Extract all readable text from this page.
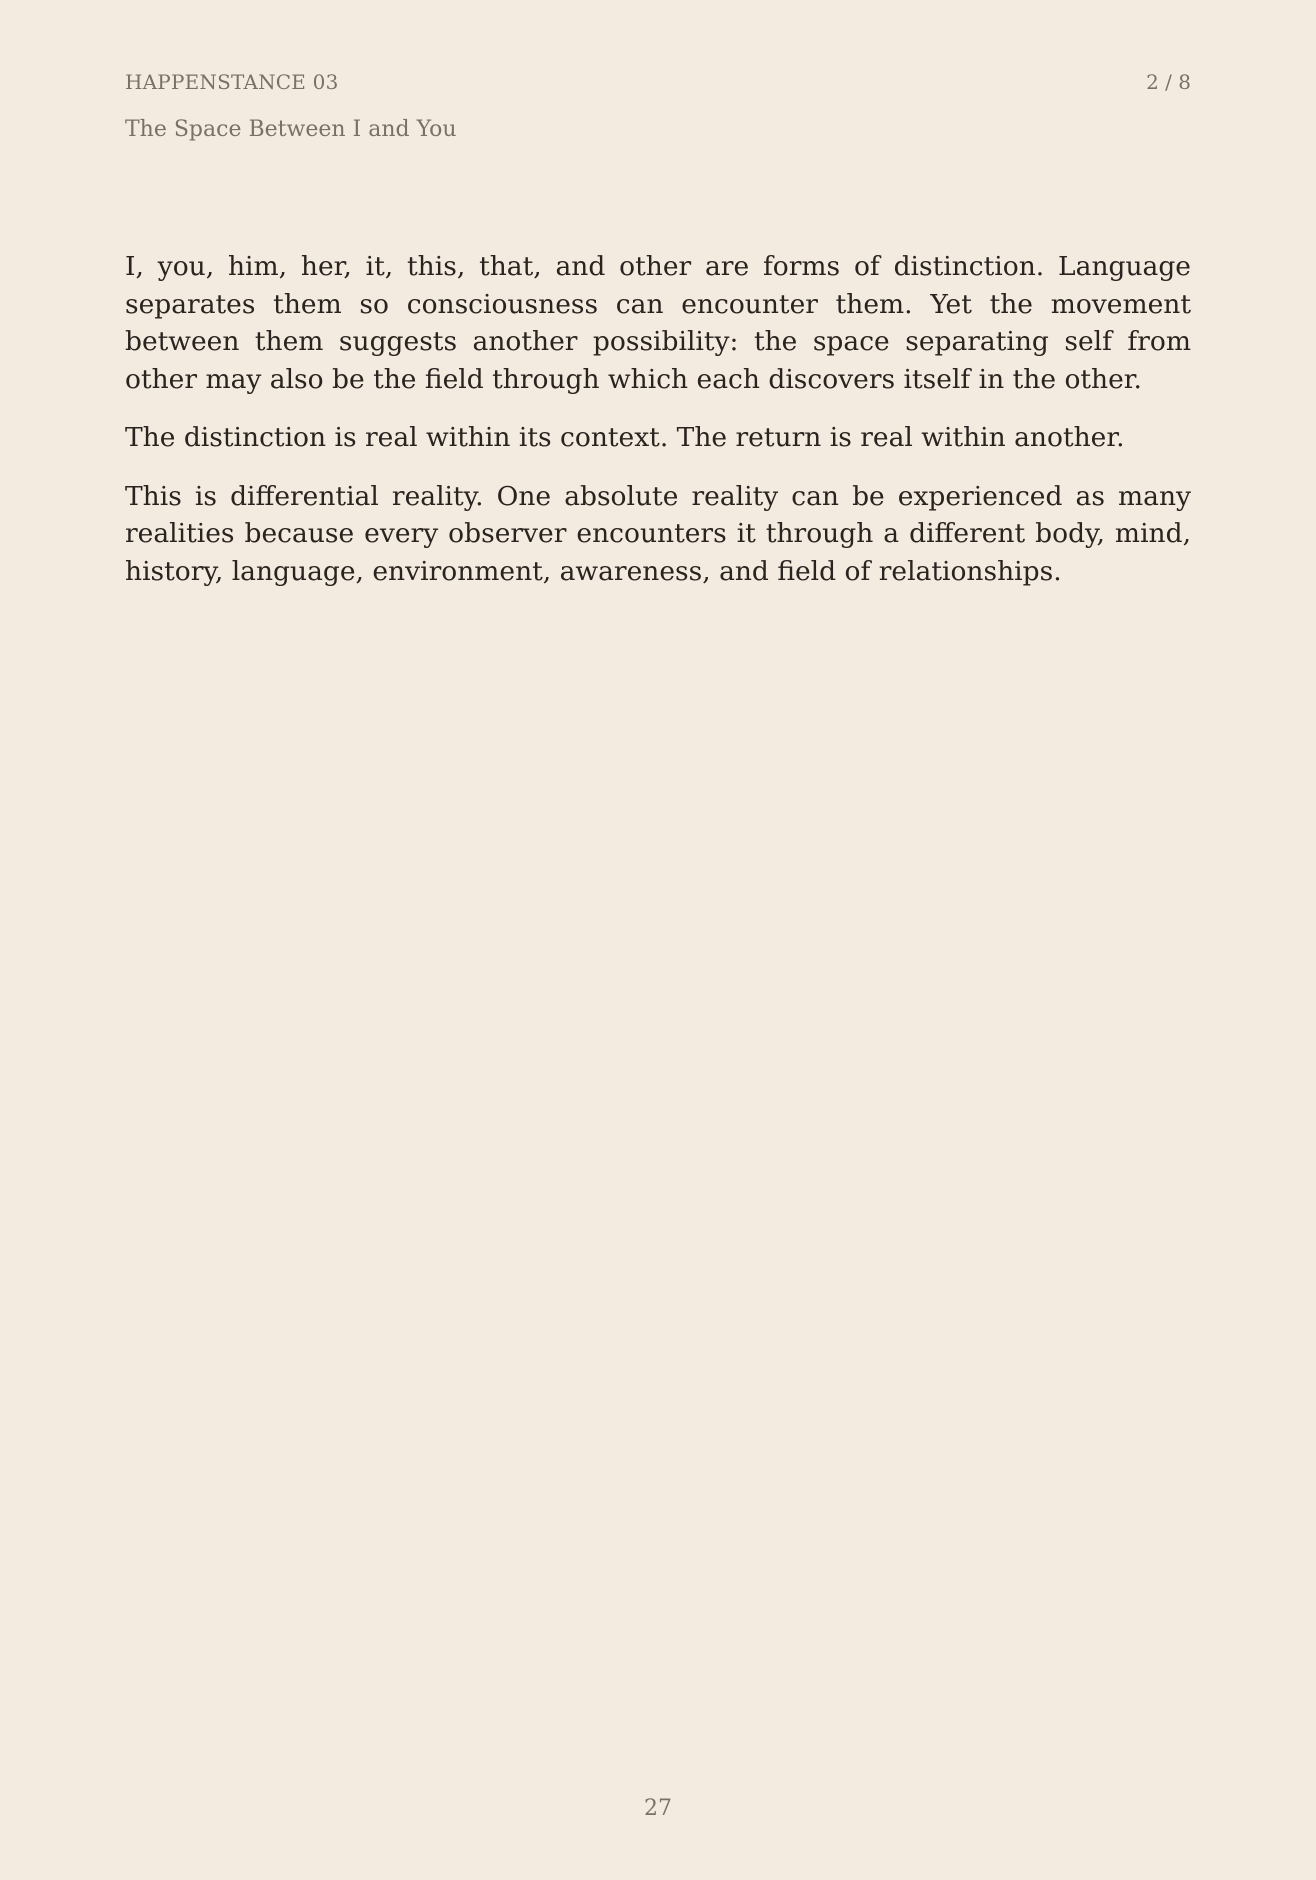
HAPPENSTANCE 03	2 / 8
The Space Between I and You

I, you, him, her, it, this, that, and other are forms of distinction. Language separates them so consciousness can encounter them. Yet the movement between them suggests another possibility: the space separating self from other may also be the field through which each discovers itself in the other.

The distinction is real within its context. The return is real within another.

This is differential reality. One absolute reality can be experienced as many realities because every observer encounters it through a different body, mind, history, language, environment, awareness, and field of relationships.

27
